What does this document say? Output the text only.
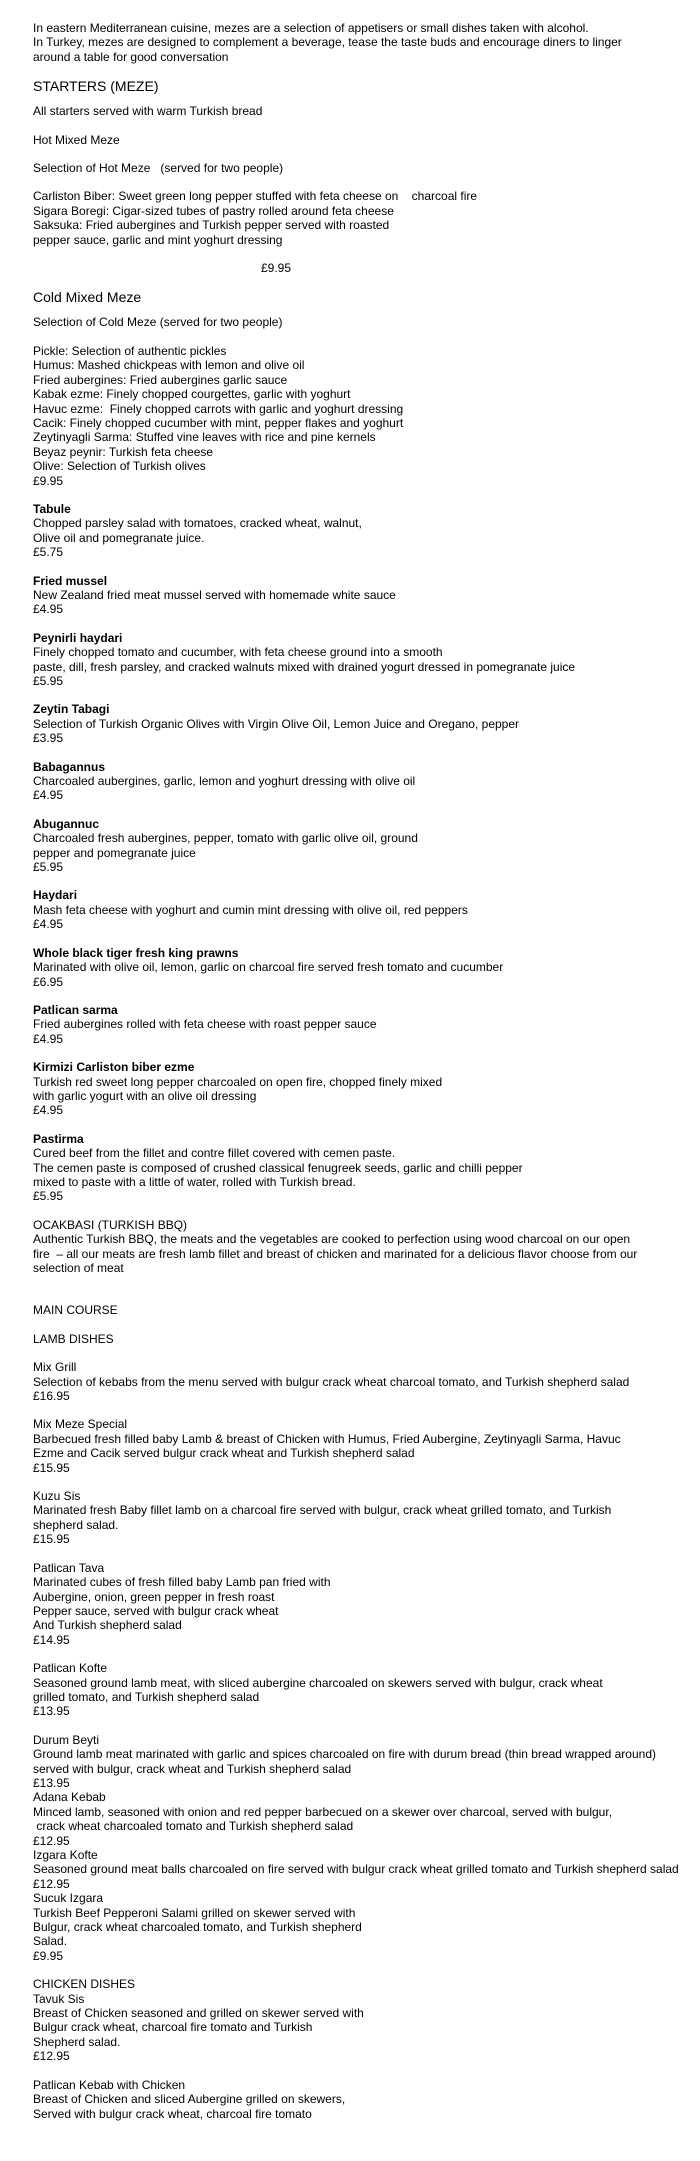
In eastern Mediterranean cuisine, mezes are a selection of appetisers or small dishes taken with alcohol.
In Turkey, mezes are designed to complement a beverage, tease the taste buds and encourage diners to linger
around a table for good conversation
STARTERS (MEZE)
All starters served with warm Turkish bread
Hot Mixed Meze
Selection of Hot Meze   (served for two people)
Carliston Biber: Sweet green long pepper stuffed with feta cheese on    charcoal fire
Sigara Boregi: Cigar-sized tubes of pastry rolled around feta cheese
Saksuka: Fried aubergines and Turkish pepper served with roasted
pepper sauce, garlic and mint yoghurt dressing
£9.95
Cold Mixed Meze
Selection of Cold Meze (served for two people)
Pickle: Selection of authentic pickles
Humus: Mashed chickpeas with lemon and olive oil
Fried aubergines: Fried aubergines garlic sauce
Kabak ezme: Finely chopped courgettes, garlic with yoghurt
Havuc ezme:  Finely chopped carrots with garlic and yoghurt dressing
Cacik: Finely chopped cucumber with mint, pepper flakes and yoghurt
Zeytinyagli Sarma: Stuffed vine leaves with rice and pine kernels
Beyaz peynir: Turkish feta cheese
Olive: Selection of Turkish olives
£9.95
Tabule
Chopped parsley salad with tomatoes, cracked wheat, walnut,
Olive oil and pomegranate juice.
£5.75
Fried mussel
New Zealand fried meat mussel served with homemade white sauce
£4.95
Peynirli haydari
Finely chopped tomato and cucumber, with feta cheese ground into a smooth
paste, dill, fresh parsley, and cracked walnuts mixed with drained yogurt dressed in pomegranate juice
£5.95
Zeytin Tabagi
Selection of Turkish Organic Olives with Virgin Olive Oil, Lemon Juice and Oregano, pepper
£3.95
Babagannus
Charcoaled aubergines, garlic, lemon and yoghurt dressing with olive oil
£4.95
Abugannuc
Charcoaled fresh aubergines, pepper, tomato with garlic olive oil, ground
pepper and pomegranate juice
£5.95
Haydari
Mash feta cheese with yoghurt and cumin mint dressing with olive oil, red peppers
£4.95
Whole black tiger fresh king prawns
Marinated with olive oil, lemon, garlic on charcoal fire served fresh tomato and cucumber
£6.95
Patlican sarma
Fried aubergines rolled with feta cheese with roast pepper sauce
£4.95
Kirmizi Carliston biber ezme
Turkish red sweet long pepper charcoaled on open fire, chopped finely mixed
with garlic yogurt with an olive oil dressing
£4.95
Pastirma
Cured beef from the fillet and contre fillet covered with cemen paste.
The cemen paste is composed of crushed classical fenugreek seeds, garlic and chilli pepper
mixed to paste with a little of water, rolled with Turkish bread.
£5.95
OCAKBASI (TURKISH BBQ)
Authentic Turkish BBQ, the meats and the vegetables are cooked to perfection using wood charcoal on our open
fire  – all our meats are fresh lamb fillet and breast of chicken and marinated for a delicious flavor choose from our
selection of meat
MAIN COURSE
LAMB DISHES
Mix Grill
Selection of kebabs from the menu served with bulgur crack wheat charcoal tomato, and Turkish shepherd salad
£16.95
Mix Meze Special
Barbecued fresh filled baby Lamb & breast of Chicken with Humus, Fried Aubergine, Zeytinyagli Sarma, Havuc
Ezme and Cacik served bulgur crack wheat and Turkish shepherd salad
£15.95
Kuzu Sis
Marinated fresh Baby fillet lamb on a charcoal fire served with bulgur, crack wheat grilled tomato, and Turkish
shepherd salad.
£15.95
Patlican Tava
Marinated cubes of fresh filled baby Lamb pan fried with
Aubergine, onion, green pepper in fresh roast
Pepper sauce, served with bulgur crack wheat
And Turkish shepherd salad
£14.95
Patlican Kofte
Seasoned ground lamb meat, with sliced aubergine charcoaled on skewers served with bulgur, crack wheat
grilled tomato, and Turkish shepherd salad
£13.95
Durum Beyti
Ground lamb meat marinated with garlic and spices charcoaled on fire with durum bread (thin bread wrapped around)
served with bulgur, crack wheat and Turkish shepherd salad
£13.95
Adana Kebab
Minced lamb, seasoned with onion and red pepper barbecued on a skewer over charcoal, served with bulgur,
crack wheat charcoaled tomato and Turkish shepherd salad
£12.95
Izgara Kofte
Seasoned ground meat balls charcoaled on fire served with bulgur crack wheat grilled tomato and Turkish shepherd salad
£12.95
Sucuk Izgara
Turkish Beef Pepperoni Salami grilled on skewer served with
Bulgur, crack wheat charcoaled tomato, and Turkish shepherd
Salad.
£9.95
CHICKEN DISHES
Tavuk Sis
Breast of Chicken seasoned and grilled on skewer served with
Bulgur crack wheat, charcoal fire tomato and Turkish
Shepherd salad.
£12.95
Patlican Kebab with Chicken
Breast of Chicken and sliced Aubergine grilled on skewers,
Served with bulgur crack wheat, charcoal fire tomato
